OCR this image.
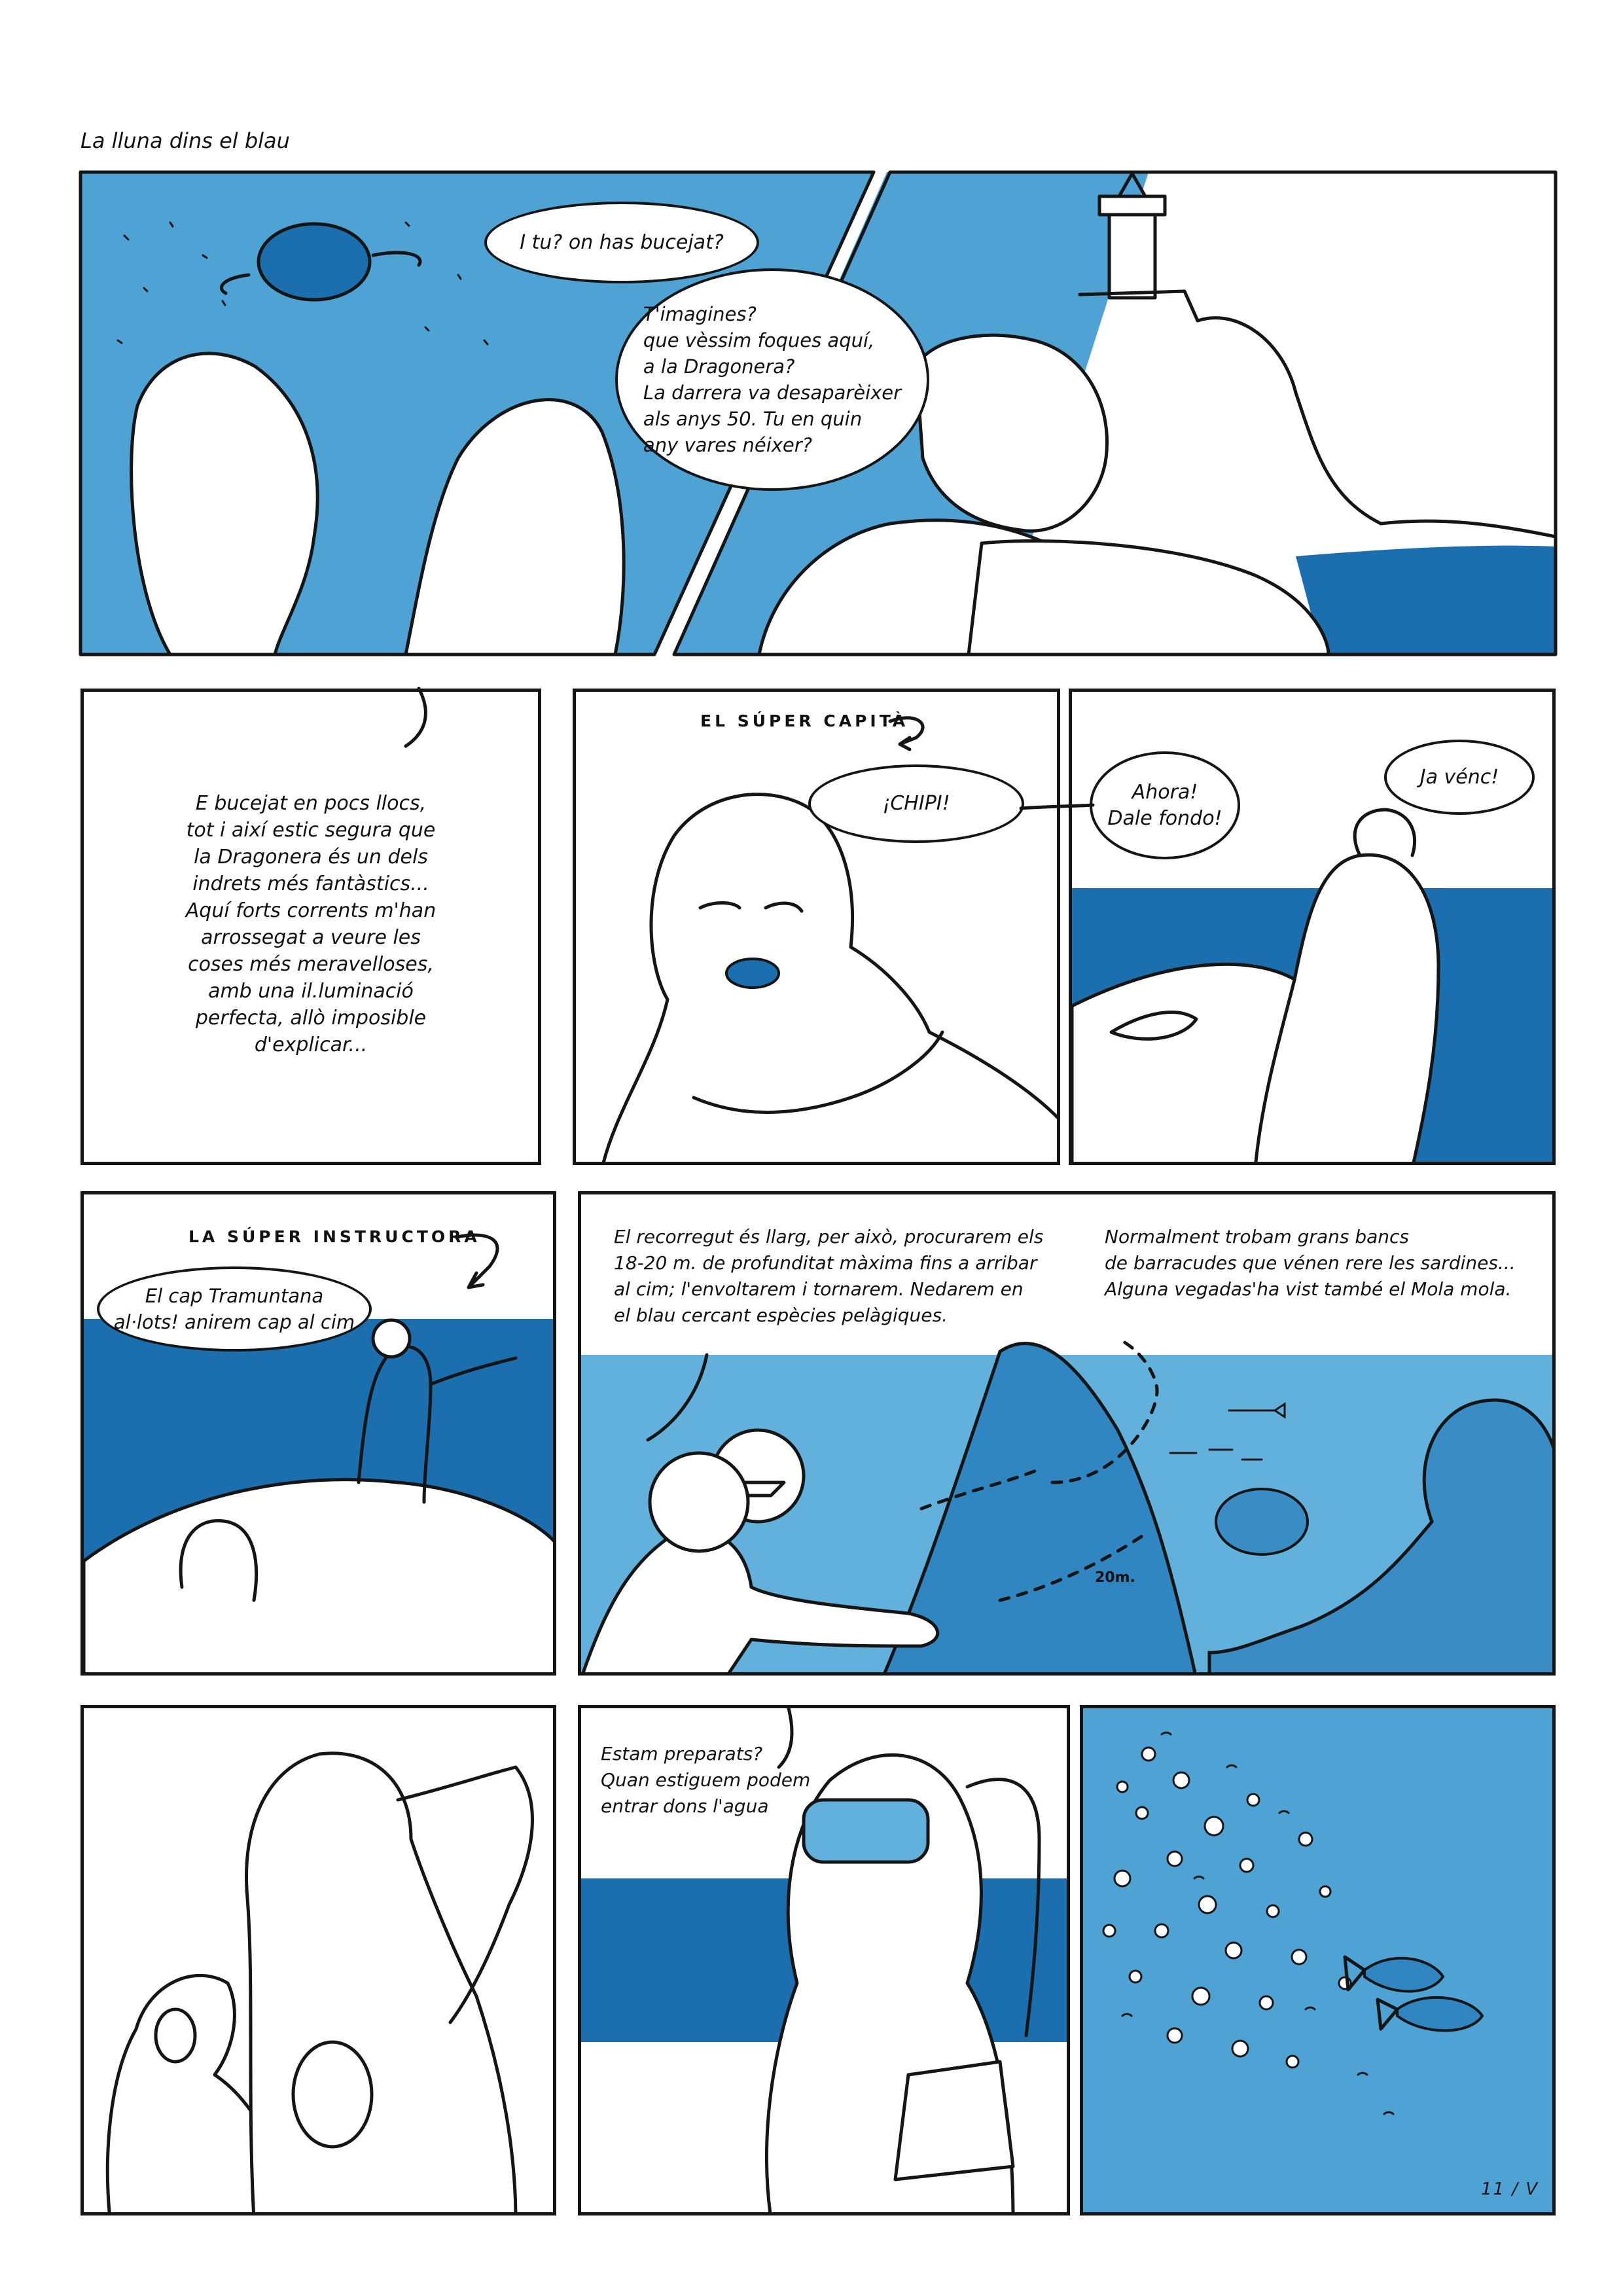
La lluna dins el blau
I tu? on has bucejat?
T'imagines?
que vèssim foques aquí,
a la Dragonera?
La darrera va desaparèixer
als anys 50. Tu en quin
any vares néixer?
E bucejat en pocs llocs,
tot i així estic segura que
la Dragonera és un dels
indrets més fantàstics...
Aquí forts corrents m'han
arrossegat a veure les
coses més meravelloses,
amb una il.luminació
perfecta, allò imposible
d'explicar...
EL SÚPER CAPITÀ
¡CHIPI!	Ahora!
Dale fondo!
Ja vénc!
LA SÚPER INSTRUCTORA
El cap Tramuntana
al·lots! anirem cap al cim
El recorregut és llarg, per això, procurarem els
18-20 m. de profunditat màxima fins a arribar
al cim; l'envoltarem i tornarem. Nedarem en
el blau cercant espècies pelàgiques.
Normalment trobam grans bancs
de barracudes que vénen rere les sardines...
Alguna vegadas'ha vist també el Mola mola.
20m.
Estam preparats?
Quan estiguem podem
entrar dons l'agua
11 / V
